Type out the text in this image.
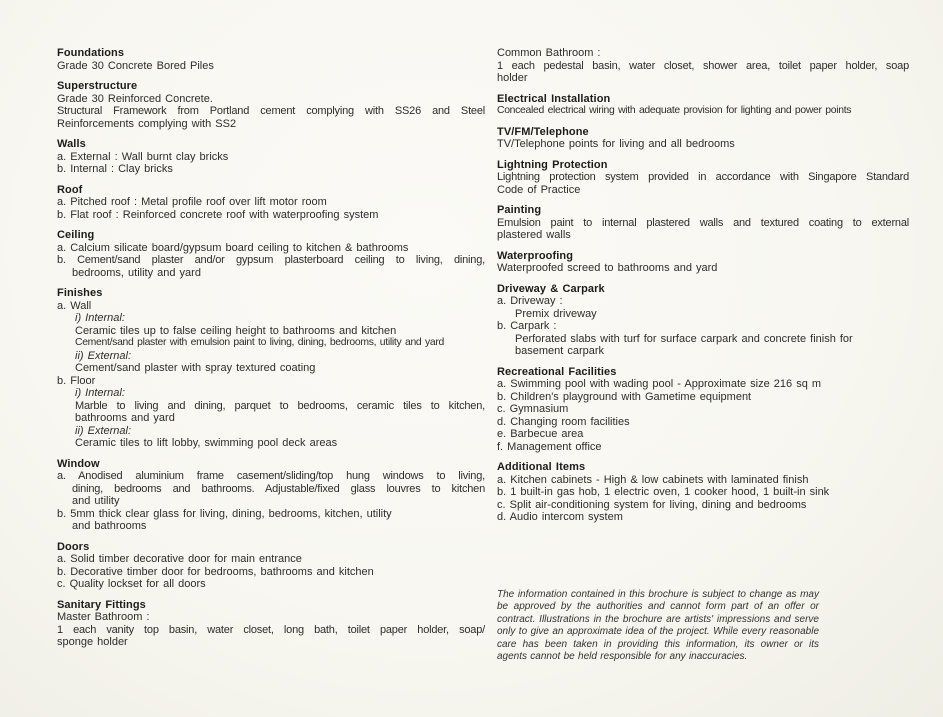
Foundations
Grade 30 Concrete Bored Piles
Superstructure
Grade 30 Reinforced Concrete.
Structural Framework from Portland cement complying with SS26 and Steel
Reinforcements complying with SS2
Walls
a. External : Wall burnt clay bricks
b. Internal : Clay bricks
Roof
a. Pitched roof : Metal profile roof over lift motor room
b. Flat roof : Reinforced concrete roof with waterproofing system
Ceiling
a. Calcium silicate board/gypsum board ceiling to kitchen & bathrooms
b. Cement/sand plaster and/or gypsum plasterboard ceiling to living, dining,
bedrooms, utility and yard
Finishes
a. Wall
i) Internal:
Ceramic tiles up to false ceiling height to bathrooms and kitchen
Cement/sand plaster with emulsion paint to living, dining, bedrooms, utility and yard
ii) External:
Cement/sand plaster with spray textured coating
b. Floor
i) Internal:
Marble to living and dining, parquet to bedrooms, ceramic tiles to kitchen,
bathrooms and yard
ii) External:
Ceramic tiles to lift lobby, swimming pool deck areas
Window
a. Anodised aluminium frame casement/sliding/top hung windows to living,
dining, bedrooms and bathrooms. Adjustable/fixed glass louvres to kitchen
and utility
b. 5mm thick clear glass for living, dining, bedrooms, kitchen, utility
and bathrooms
Doors
a. Solid timber decorative door for main entrance
b. Decorative timber door for bedrooms, bathrooms and kitchen
c. Quality lockset for all doors
Sanitary Fittings
Master Bathroom :
1 each vanity top basin, water closet, long bath, toilet paper holder, soap/
sponge holder
Common Bathroom :
1 each pedestal basin, water closet, shower area, toilet paper holder, soap
holder
Electrical Installation
Concealed electrical wiring with adequate provision for lighting and power points
TV/FM/Telephone
TV/Telephone points for living and all bedrooms
Lightning Protection
Lightning protection system provided in accordance with Singapore Standard
Code of Practice
Painting
Emulsion paint to internal plastered walls and textured coating to external
plastered walls
Waterproofing
Waterproofed screed to bathrooms and yard
Driveway & Carpark
a. Driveway :
Premix driveway
b. Carpark :
Perforated slabs with turf for surface carpark and concrete finish for
basement carpark
Recreational Facilities
a. Swimming pool with wading pool - Approximate size 216 sq m
b. Children's playground with Gametime equipment
c. Gymnasium
d. Changing room facilities
e. Barbecue area
f. Management office
Additional Items
a. Kitchen cabinets - High & low cabinets with laminated finish
b. 1 built-in gas hob, 1 electric oven, 1 cooker hood, 1 built-in sink
c. Split air-conditioning system for living, dining and bedrooms
d. Audio intercom system
The information contained in this brochure is subject to change as may be approved by the authorities and cannot form part of an offer or contract. Illustrations in the brochure are artists' impressions and serve only to give an approximate idea of the project. While every reasonable care has been taken in providing this information, its owner or its agents cannot be held responsible for any inaccuracies.
